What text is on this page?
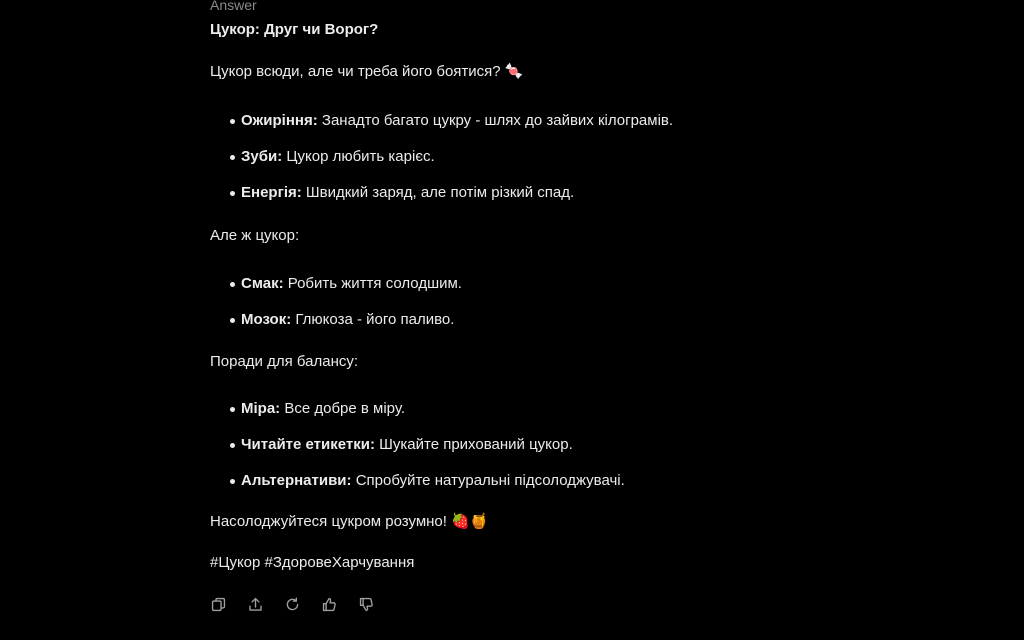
Answer

Цукор: Друг чи Ворог?

Цукор всюди, але чи треба його боятися? 🍬

Ожиріння: Занадто багато цукру - шлях до зайвих кілограмів.
Зуби: Цукор любить карієс.
Енергія: Швидкий заряд, але потім різкий спад.

Але ж цукор:

Смак: Робить життя солодшим.
Мозок: Глюкоза - його паливо.

Поради для балансу:

Міра: Все добре в міру.
Читайте етикетки: Шукайте прихований цукор.
Альтернативи: Спробуйте натуральні підсолоджувачі.

Насолоджуйтеся цукром розумно! 🍓🍯

#Цукор #ЗдоровеХарчування
